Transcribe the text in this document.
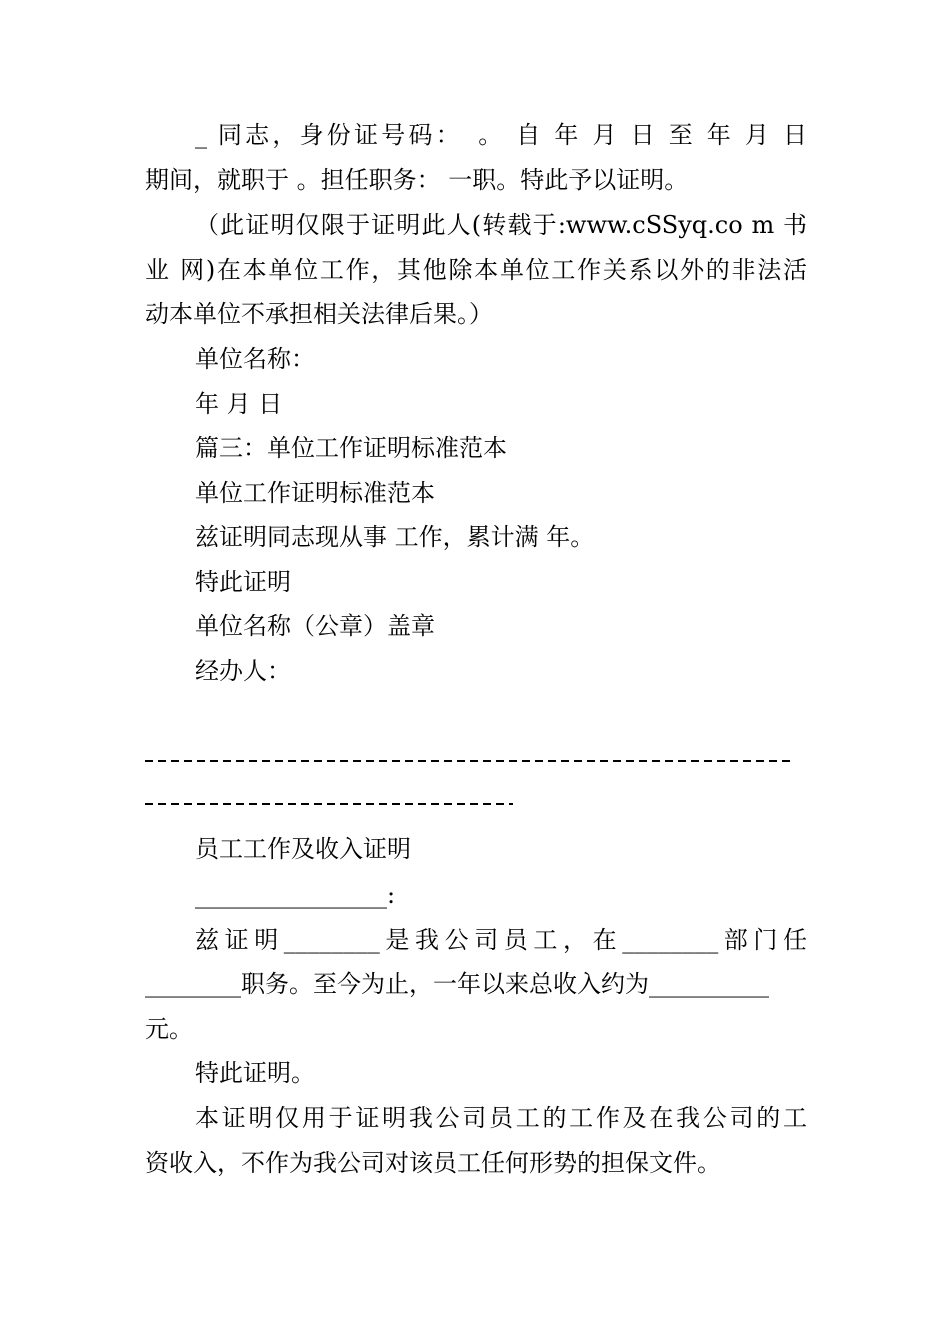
_ 同志，身份证号码：　。 自 年 月 日 至 年 月 日
期间，就职于 。担任职务： 一职。特此予以证明。
（此证明仅限于证明此人(转载于:www.cSSyq.co m 书
业 网)在本单位工作，其他除本单位工作关系以外的非法活
动本单位不承担相关法律后果。）
单位名称：
年 月 日
篇三：单位工作证明标准范本
单位工作证明标准范本
兹证明同志现从事 工作，累计满 年。
特此证明
单位名称（公章）盖章
经办人：
员工工作及收入证明
________________:
兹证明________是我公司员工，在________部门任
________职务。至今为止，一年以来总收入约为__________
元。
特此证明。
本证明仅用于证明我公司员工的工作及在我公司的工
资收入，不作为我公司对该员工任何形势的担保文件。
